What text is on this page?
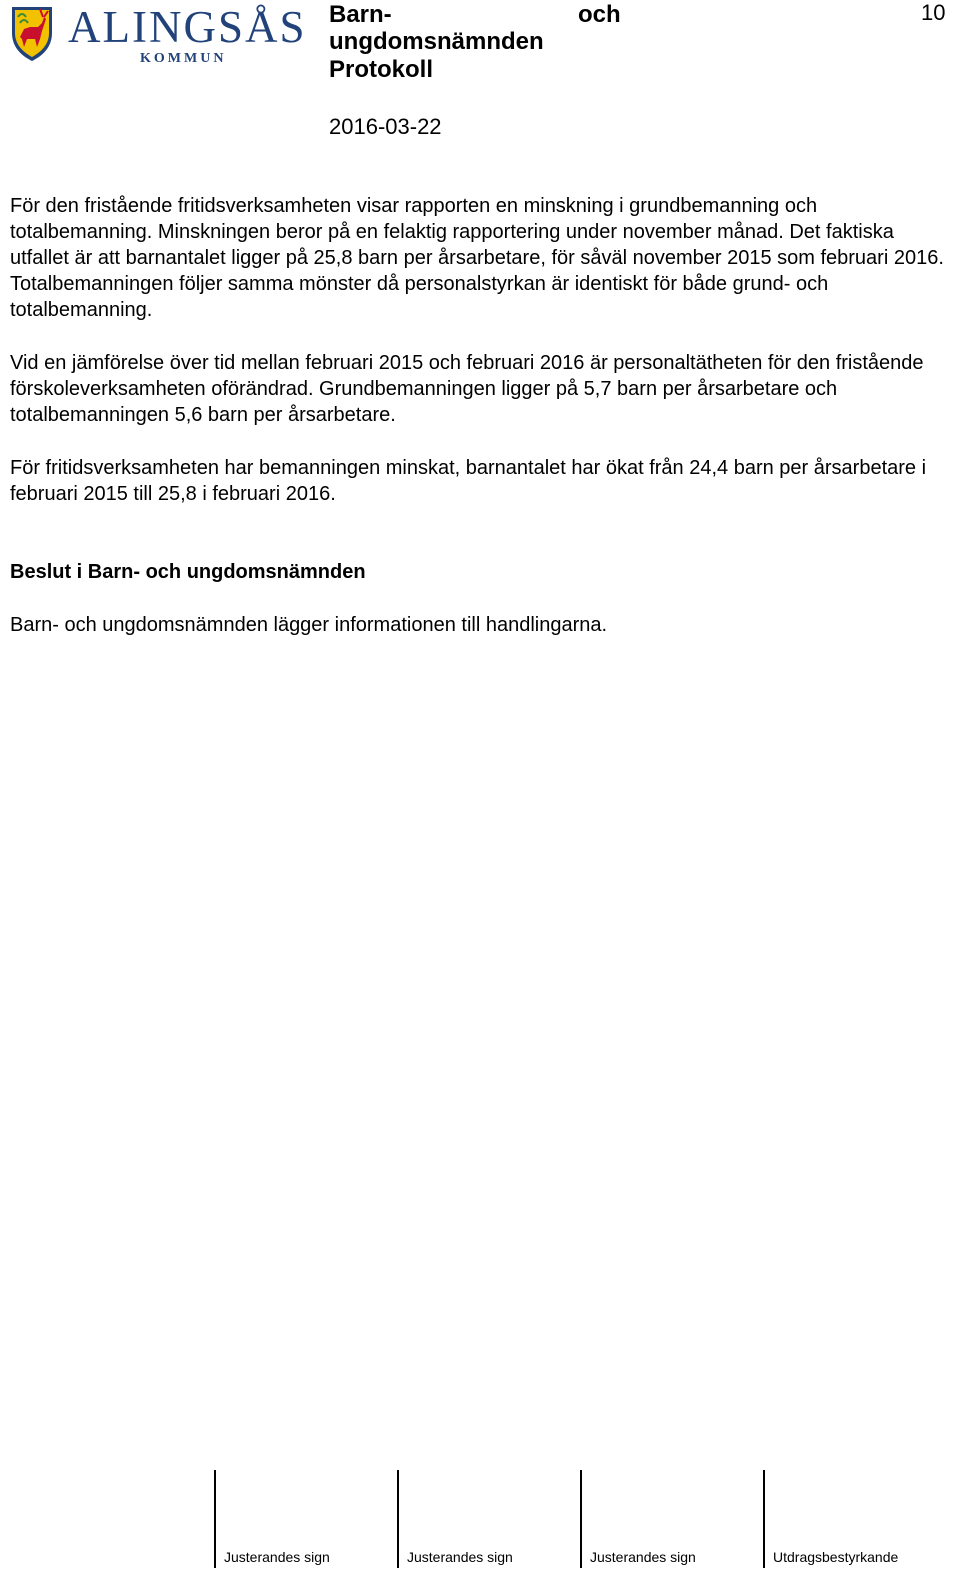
ALINGSÅS
KOMMUN
Barn-	och
ungdomsnämnden
Protokoll
10
2016-03-22

För den fristående fritidsverksamheten visar rapporten en minskning i grundbemanning och totalbemanning. Minskningen beror på en felaktig rapportering under november månad. Det faktiska utfallet är att barnantalet ligger på 25,8 barn per årsarbetare, för såväl november 2015 som februari 2016. Totalbemanningen följer samma mönster då personalstyrkan är identiskt för både grund- och totalbemanning.

Vid en jämförelse över tid mellan februari 2015 och februari 2016 är personaltätheten för den fristående förskoleverksamheten oförändrad. Grundbemanningen ligger på 5,7 barn per årsarbetare och totalbemanningen 5,6 barn per årsarbetare.

För fritidsverksamheten har bemanningen minskat, barnantalet har ökat från 24,4 barn per årsarbetare i februari 2015 till 25,8 i februari 2016.

Beslut i Barn- och ungdomsnämnden

Barn- och ungdomsnämnden lägger informationen till handlingarna.

Justerandes sign	Justerandes sign	Justerandes sign	Utdragsbestyrkande
